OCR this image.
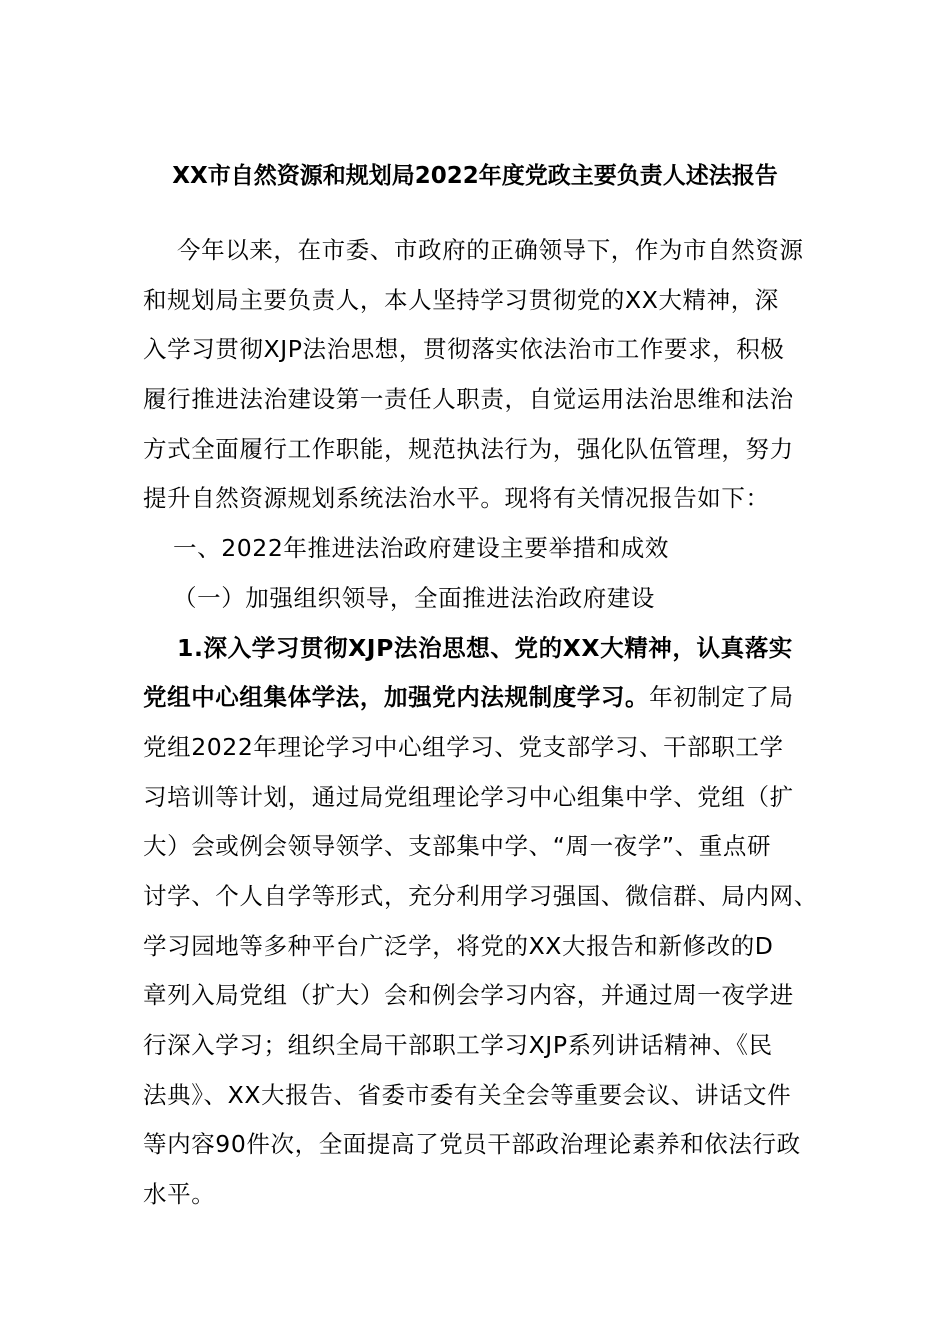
XX市自然资源和规划局2022年度党政主要负责人述法报告
今年以来，在市委、市政府的正确领导下，作为市自然资源
和规划局主要负责人，本人坚持学习贯彻党的XX大精神，深
入学习贯彻XJP法治思想，贯彻落实依法治市工作要求，积极
履行推进法治建设第一责任人职责，自觉运用法治思维和法治
方式全面履行工作职能，规范执法行为，强化队伍管理，努力
提升自然资源规划系统法治水平。现将有关情况报告如下：
一、2022年推进法治政府建设主要举措和成效
（一）加强组织领导，全面推进法治政府建设
1.深入学习贯彻XJP法治思想、党的XX大精神，认真落实
党组中心组集体学法，加强党内法规制度学习。年初制定了局
党组2022年理论学习中心组学习、党支部学习、干部职工学
习培训等计划，通过局党组理论学习中心组集中学、党组（扩
大）会或例会领导领学、支部集中学、“周一夜学”、重点研
讨学、个人自学等形式，充分利用学习强国、微信群、局内网、
学习园地等多种平台广泛学，将党的XX大报告和新修改的D
章列入局党组（扩大）会和例会学习内容，并通过周一夜学进
行深入学习；组织全局干部职工学习XJP系列讲话精神、《民
法典》、XX大报告、省委市委有关全会等重要会议、讲话文件
等内容90件次，全面提高了党员干部政治理论素养和依法行政
水平。
